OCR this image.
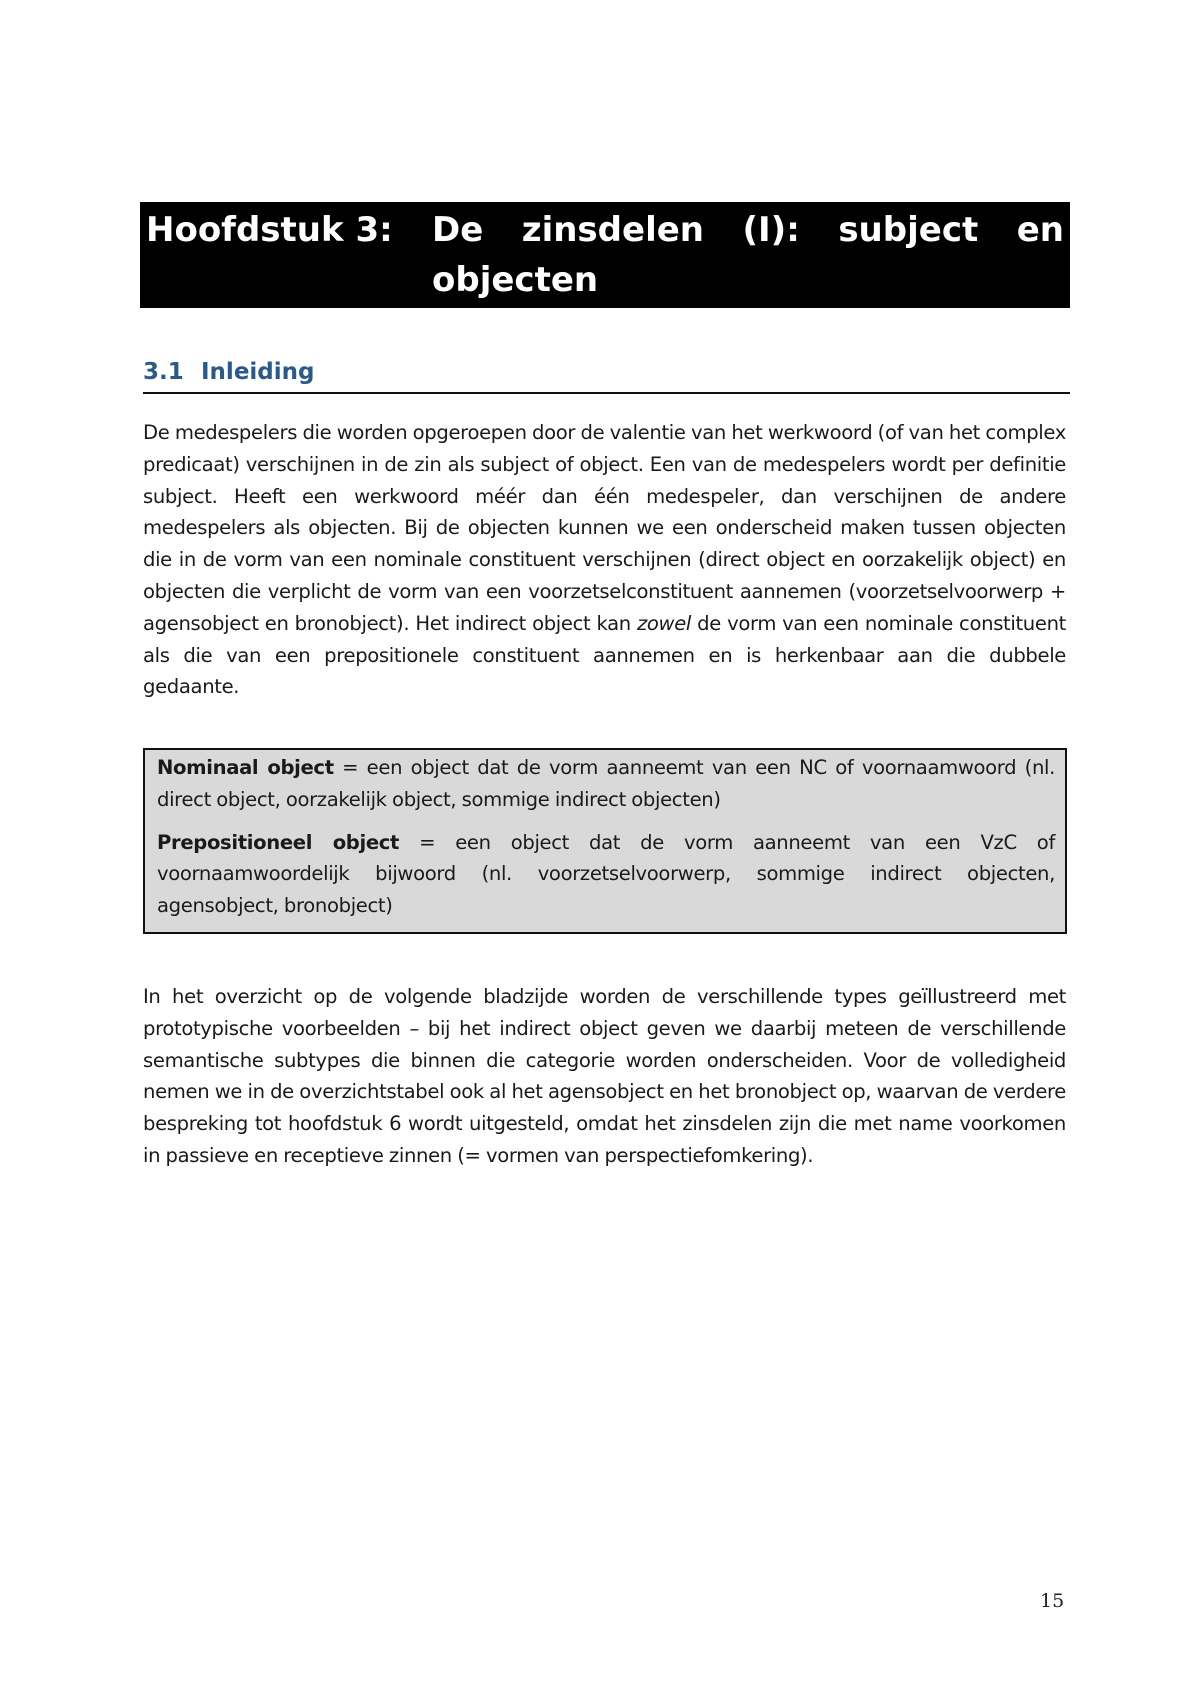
Hoofdstuk 3: De zinsdelen (I): subject en
objecten
3.1 Inleiding

De medespelers die worden opgeroepen door de valentie van het werkwoord (of van het complex predicaat) verschijnen in de zin als subject of object. Een van de medespelers wordt per definitie subject. Heeft een werkwoord méér dan één medespeler, dan verschijnen de andere medespelers als objecten. Bij de objecten kunnen we een onderscheid maken tussen objecten die in de vorm van een nominale constituent verschijnen (direct object en oorzakelijk object) en objecten die verplicht de vorm van een voorzetselconstituent aannemen (voorzetselvoorwerp + agensobject en bronobject). Het indirect object kan zowel de vorm van een nominale constituent als die van een prepositionele constituent aannemen en is herkenbaar aan die dubbele gedaante.

Nominaal object = een object dat de vorm aanneemt van een NC of voornaamwoord (nl. direct object, oorzakelijk object, sommige indirect objecten)

Prepositioneel object = een object dat de vorm aanneemt van een VzC of voornaamwoordelijk bijwoord (nl. voorzetselvoorwerp, sommige indirect objecten, agensobject, bronobject)

In het overzicht op de volgende bladzijde worden de verschillende types geïllustreerd met prototypische voorbeelden – bij het indirect object geven we daarbij meteen de verschillende semantische subtypes die binnen die categorie worden onderscheiden. Voor de volledigheid nemen we in de overzichtstabel ook al het agensobject en het bronobject op, waarvan de verdere bespreking tot hoofdstuk 6 wordt uitgesteld, omdat het zinsdelen zijn die met name voorkomen in passieve en receptieve zinnen (= vormen van perspectiefomkering).

15
